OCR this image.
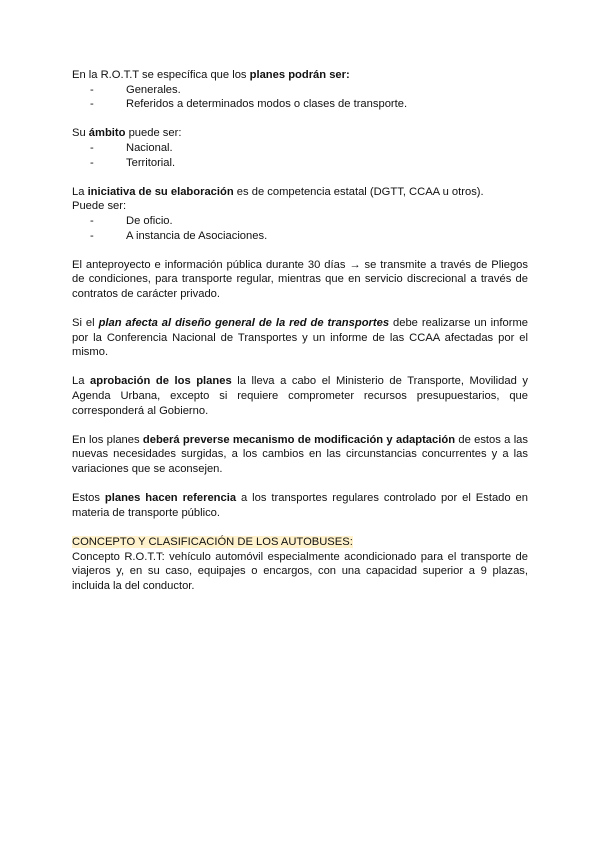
En la R.O.T.T se específica que los planes podrán ser:

- Generales.
- Referidos a determinados modos o clases de transporte.

Su ámbito puede ser:

- Nacional.
- Territorial.

La iniciativa de su elaboración es de competencia estatal (DGTT, CCAA u otros).

Puede ser:

- De oficio.
- A instancia de Asociaciones.

El anteproyecto e información pública durante 30 días → se transmite a través de Pliegos de condiciones, para transporte regular, mientras que en servicio discrecional a través de contratos de carácter privado.

Si el plan afecta al diseño general de la red de transportes debe realizarse un informe por la Conferencia Nacional de Transportes y un informe de las CCAA afectadas por el mismo.

La aprobación de los planes la lleva a cabo el Ministerio de Transporte, Movilidad y Agenda Urbana, excepto si requiere comprometer recursos presupuestarios, que corresponderá al Gobierno.

En los planes deberá preverse mecanismo de modificación y adaptación de estos a las nuevas necesidades surgidas, a los cambios en las circunstancias concurrentes y a las variaciones que se aconsejen.

Estos planes hacen referencia a los transportes regulares controlado por el Estado en materia de transporte público.

CONCEPTO Y CLASIFICACIÓN DE LOS AUTOBUSES:

Concepto R.O.T.T: vehículo automóvil especialmente acondicionado para el transporte de viajeros y, en su caso, equipajes o encargos, con una capacidad superior a 9 plazas, incluida la del conductor.
